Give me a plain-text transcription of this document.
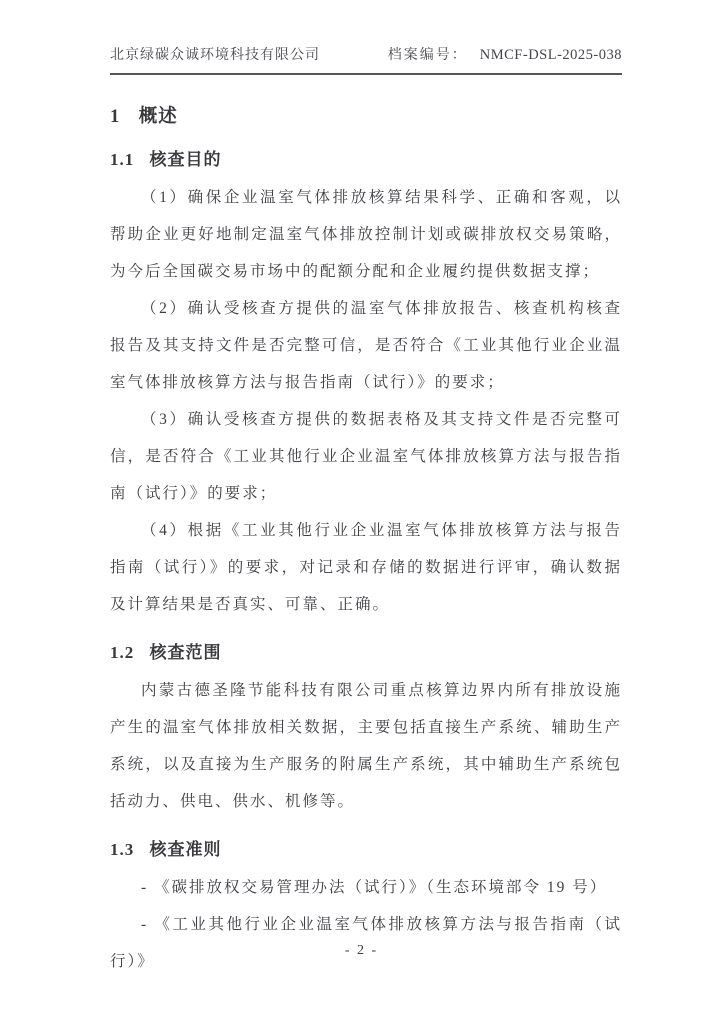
北京绿碳众诚环境科技有限公司	档案编号： NMCF-DSL-2025-038
1 概述
1.1 核查目的

（1）确保企业温室气体排放核算结果科学、正确和客观，以帮助企业更好地制定温室气体排放控制计划或碳排放权交易策略，为今后全国碳交易市场中的配额分配和企业履约提供数据支撑；

（2）确认受核查方提供的温室气体排放报告、核查机构核查报告及其支持文件是否完整可信，是否符合《工业其他行业企业温室气体排放核算方法与报告指南（试行）》的要求；

（3）确认受核查方提供的数据表格及其支持文件是否完整可信，是否符合《工业其他行业企业温室气体排放核算方法与报告指南（试行）》的要求；

（4）根据《工业其他行业企业温室气体排放核算方法与报告指南（试行）》的要求，对记录和存储的数据进行评审，确认数据及计算结果是否真实、可靠、正确。

1.2 核查范围

内蒙古德圣隆节能科技有限公司重点核算边界内所有排放设施产生的温室气体排放相关数据，主要包括直接生产系统、辅助生产系统，以及直接为生产服务的附属生产系统，其中辅助生产系统包括动力、供电、供水、机修等。

1.3 核查准则

- 《碳排放权交易管理办法（试行）》（生态环境部令 19 号）

- 《工业其他行业企业温室气体排放核算方法与报告指南（试行）》

- 2 -
